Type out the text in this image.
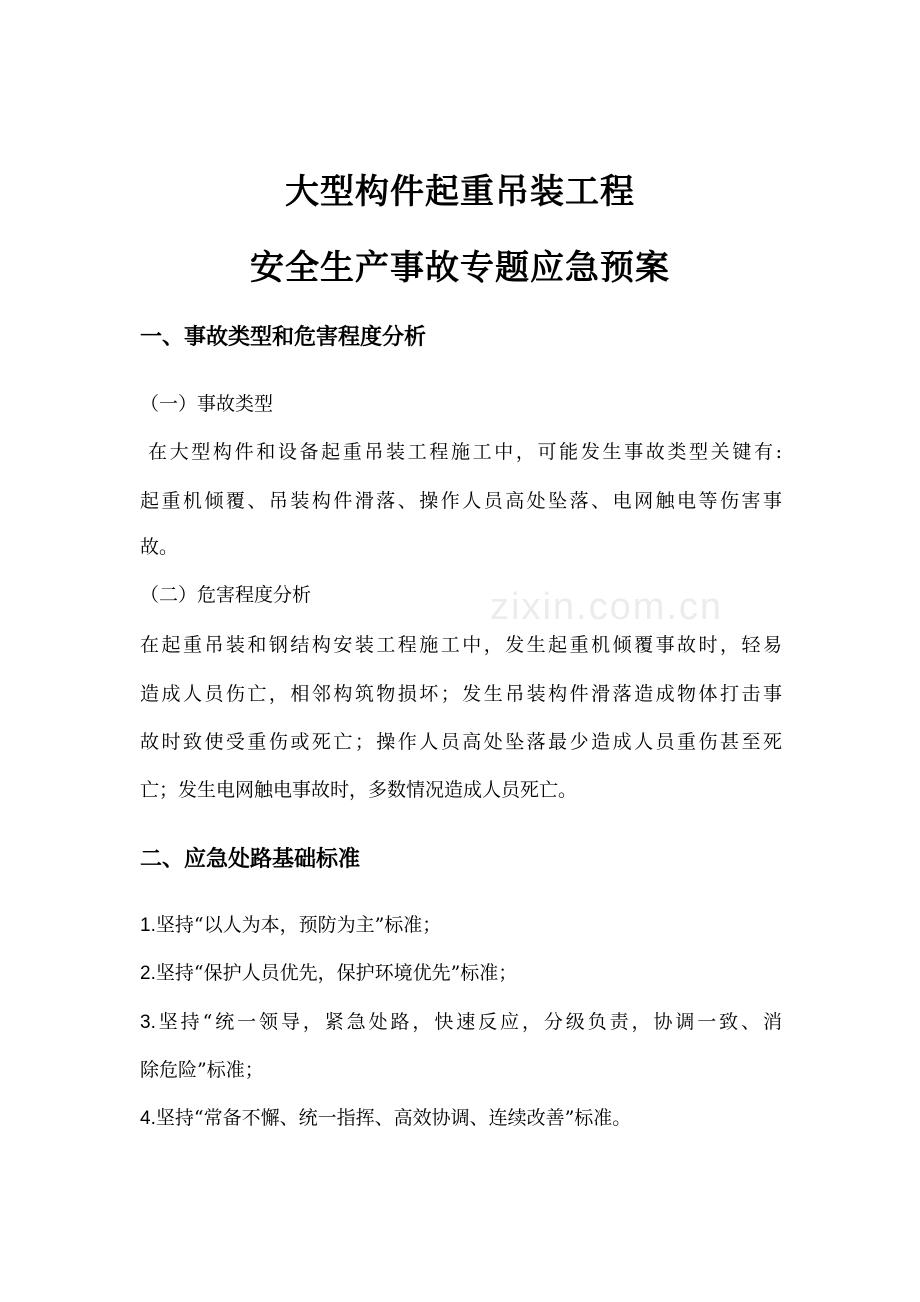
zixin.com.cn
大型构件起重吊装工程
安全生产事故专题应急预案
一、事故类型和危害程度分析
（一）事故类型
在大型构件和设备起重吊装工程施工中，可能发生事故类型关键有:
起重机倾覆、吊装构件滑落、操作人员高处坠落、电网触电等伤害事
故。
（二）危害程度分析
在起重吊装和钢结构安装工程施工中，发生起重机倾覆事故时，轻易
造成人员伤亡，相邻构筑物损坏；发生吊装构件滑落造成物体打击事
故时致使受重伤或死亡；操作人员高处坠落最少造成人员重伤甚至死
亡；发生电网触电事故时，多数情况造成人员死亡。
二、应急处路基础标准
1.坚持“以人为本，预防为主”标准；
2.坚持“保护人员优先，保护环境优先”标准；
3.坚持“统一领导，紧急处路，快速反应，分级负责，协调一致、消
除危险”标准；
4.坚持“常备不懈、统一指挥、高效协调、连续改善”标准。
